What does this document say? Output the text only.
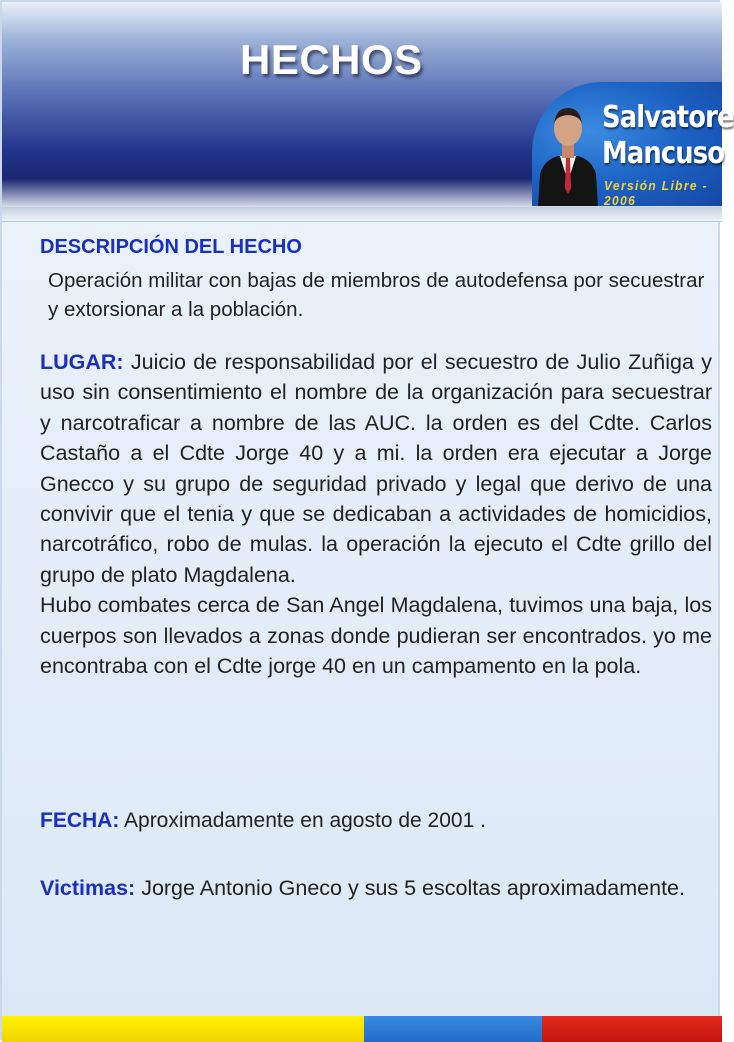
HECHOS
Salvatore
Mancuso
Versión Libre - 2006
DESCRIPCIÓN DEL HECHO
Operación militar con bajas de miembros de autodefensa por secuestrar y extorsionar a la población.
LUGAR: Juicio de responsabilidad por el secuestro de Julio Zuñiga y uso sin consentimiento el nombre de la organización para secuestrar y narcotraficar a nombre de las AUC. la orden es del Cdte. Carlos Castaño a el Cdte Jorge 40 y a mi. la orden era ejecutar a Jorge Gnecco y su grupo de seguridad privado y legal que derivo de una convivir que el tenia y que se dedicaban a actividades de homicidios, narcotráfico, robo de mulas. la operación la ejecuto el Cdte grillo del grupo de plato Magdalena.
Hubo combates cerca de San Angel Magdalena, tuvimos una baja, los cuerpos son llevados a zonas donde pudieran ser encontrados. yo me encontraba con el Cdte jorge 40 en un campamento en la pola.
FECHA: Aproximadamente en agosto de 2001 .
Victimas: Jorge Antonio Gneco y sus 5 escoltas aproximadamente.
